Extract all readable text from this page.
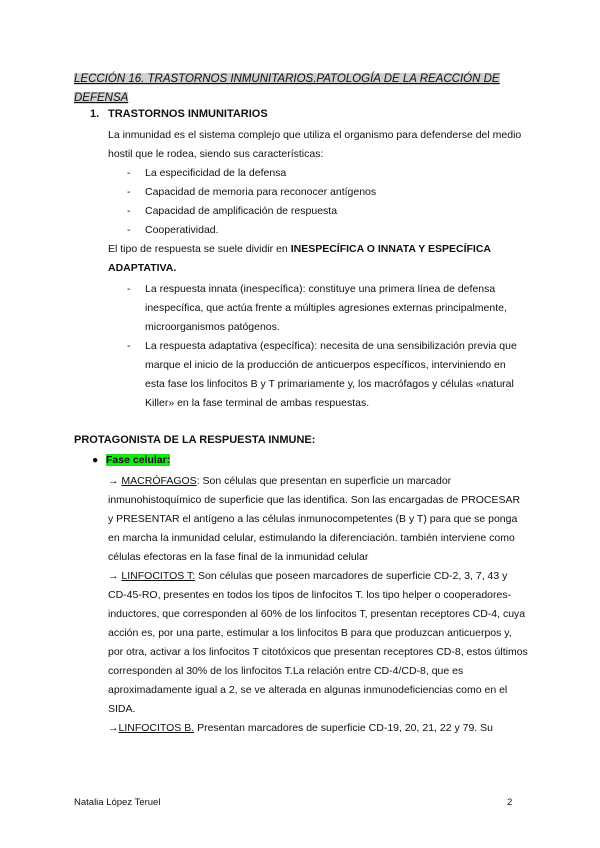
LECCIÓN 16. TRASTORNOS INMUNITARIOS.PATOLOGÍA DE LA REACCIÓN DE DEFENSA
1. TRASTORNOS INMUNITARIOS
La inmunidad es el sistema complejo que utiliza el organismo para defenderse del medio hostil que le rodea, siendo sus características:
- La especificidad de la defensa
- Capacidad de memoria para reconocer antígenos
- Capacidad de amplificación de respuesta
- Cooperatividad.
El tipo de respuesta se suele dividir en INESPECÍFICA O INNATA Y ESPECÍFICA ADAPTATIVA.
- La respuesta innata (inespecífica): constituye una primera línea de defensa inespecífica, que actúa frente a múltiples agresiones externas principalmente, microorganismos patógenos.
- La respuesta adaptativa (específica): necesita de una sensibilización previa que marque el inicio de la producción de anticuerpos específicos, interviniendo en esta fase los linfocitos B y T primariamente y, los macrófagos y células «natural Killer» en la fase terminal de ambas respuestas.
PROTAGONISTA DE LA RESPUESTA INMUNE:
● Fase celular:
→ MACRÓFAGOS: Son células que presentan en superficie un marcador inmunohistoquímico de superficie que las identifica. Son las encargadas de PROCESAR y PRESENTAR el antígeno a las células inmunocompetentes (B y T) para que se ponga en marcha la inmunidad celular, estimulando la diferenciación. también interviene como células efectoras en la fase final de la inmunidad celular
→ LINFOCITOS T: Son células que poseen marcadores de superficie CD-2, 3, 7, 43 y CD-45-RO, presentes en todos los tipos de linfocitos T. los tipo helper o cooperadores-inductores, que corresponden al 60% de los linfocitos T, presentan receptores CD-4, cuya acción es, por una parte, estimular a los linfocitos B para que produzcan anticuerpos y, por otra, activar a los linfocitos T citotóxicos que presentan receptores CD-8, estos últimos corresponden al 30% de los linfocitos T.La relación entre CD-4/CD-8, que es aproximadamente igual a 2, se ve alterada en algunas inmunodeficiencias como en el SIDA.
→LINFOCITOS B. Presentan marcadores de superficie CD-19, 20, 21, 22 y 79. Su
Natalia López Teruel	2
